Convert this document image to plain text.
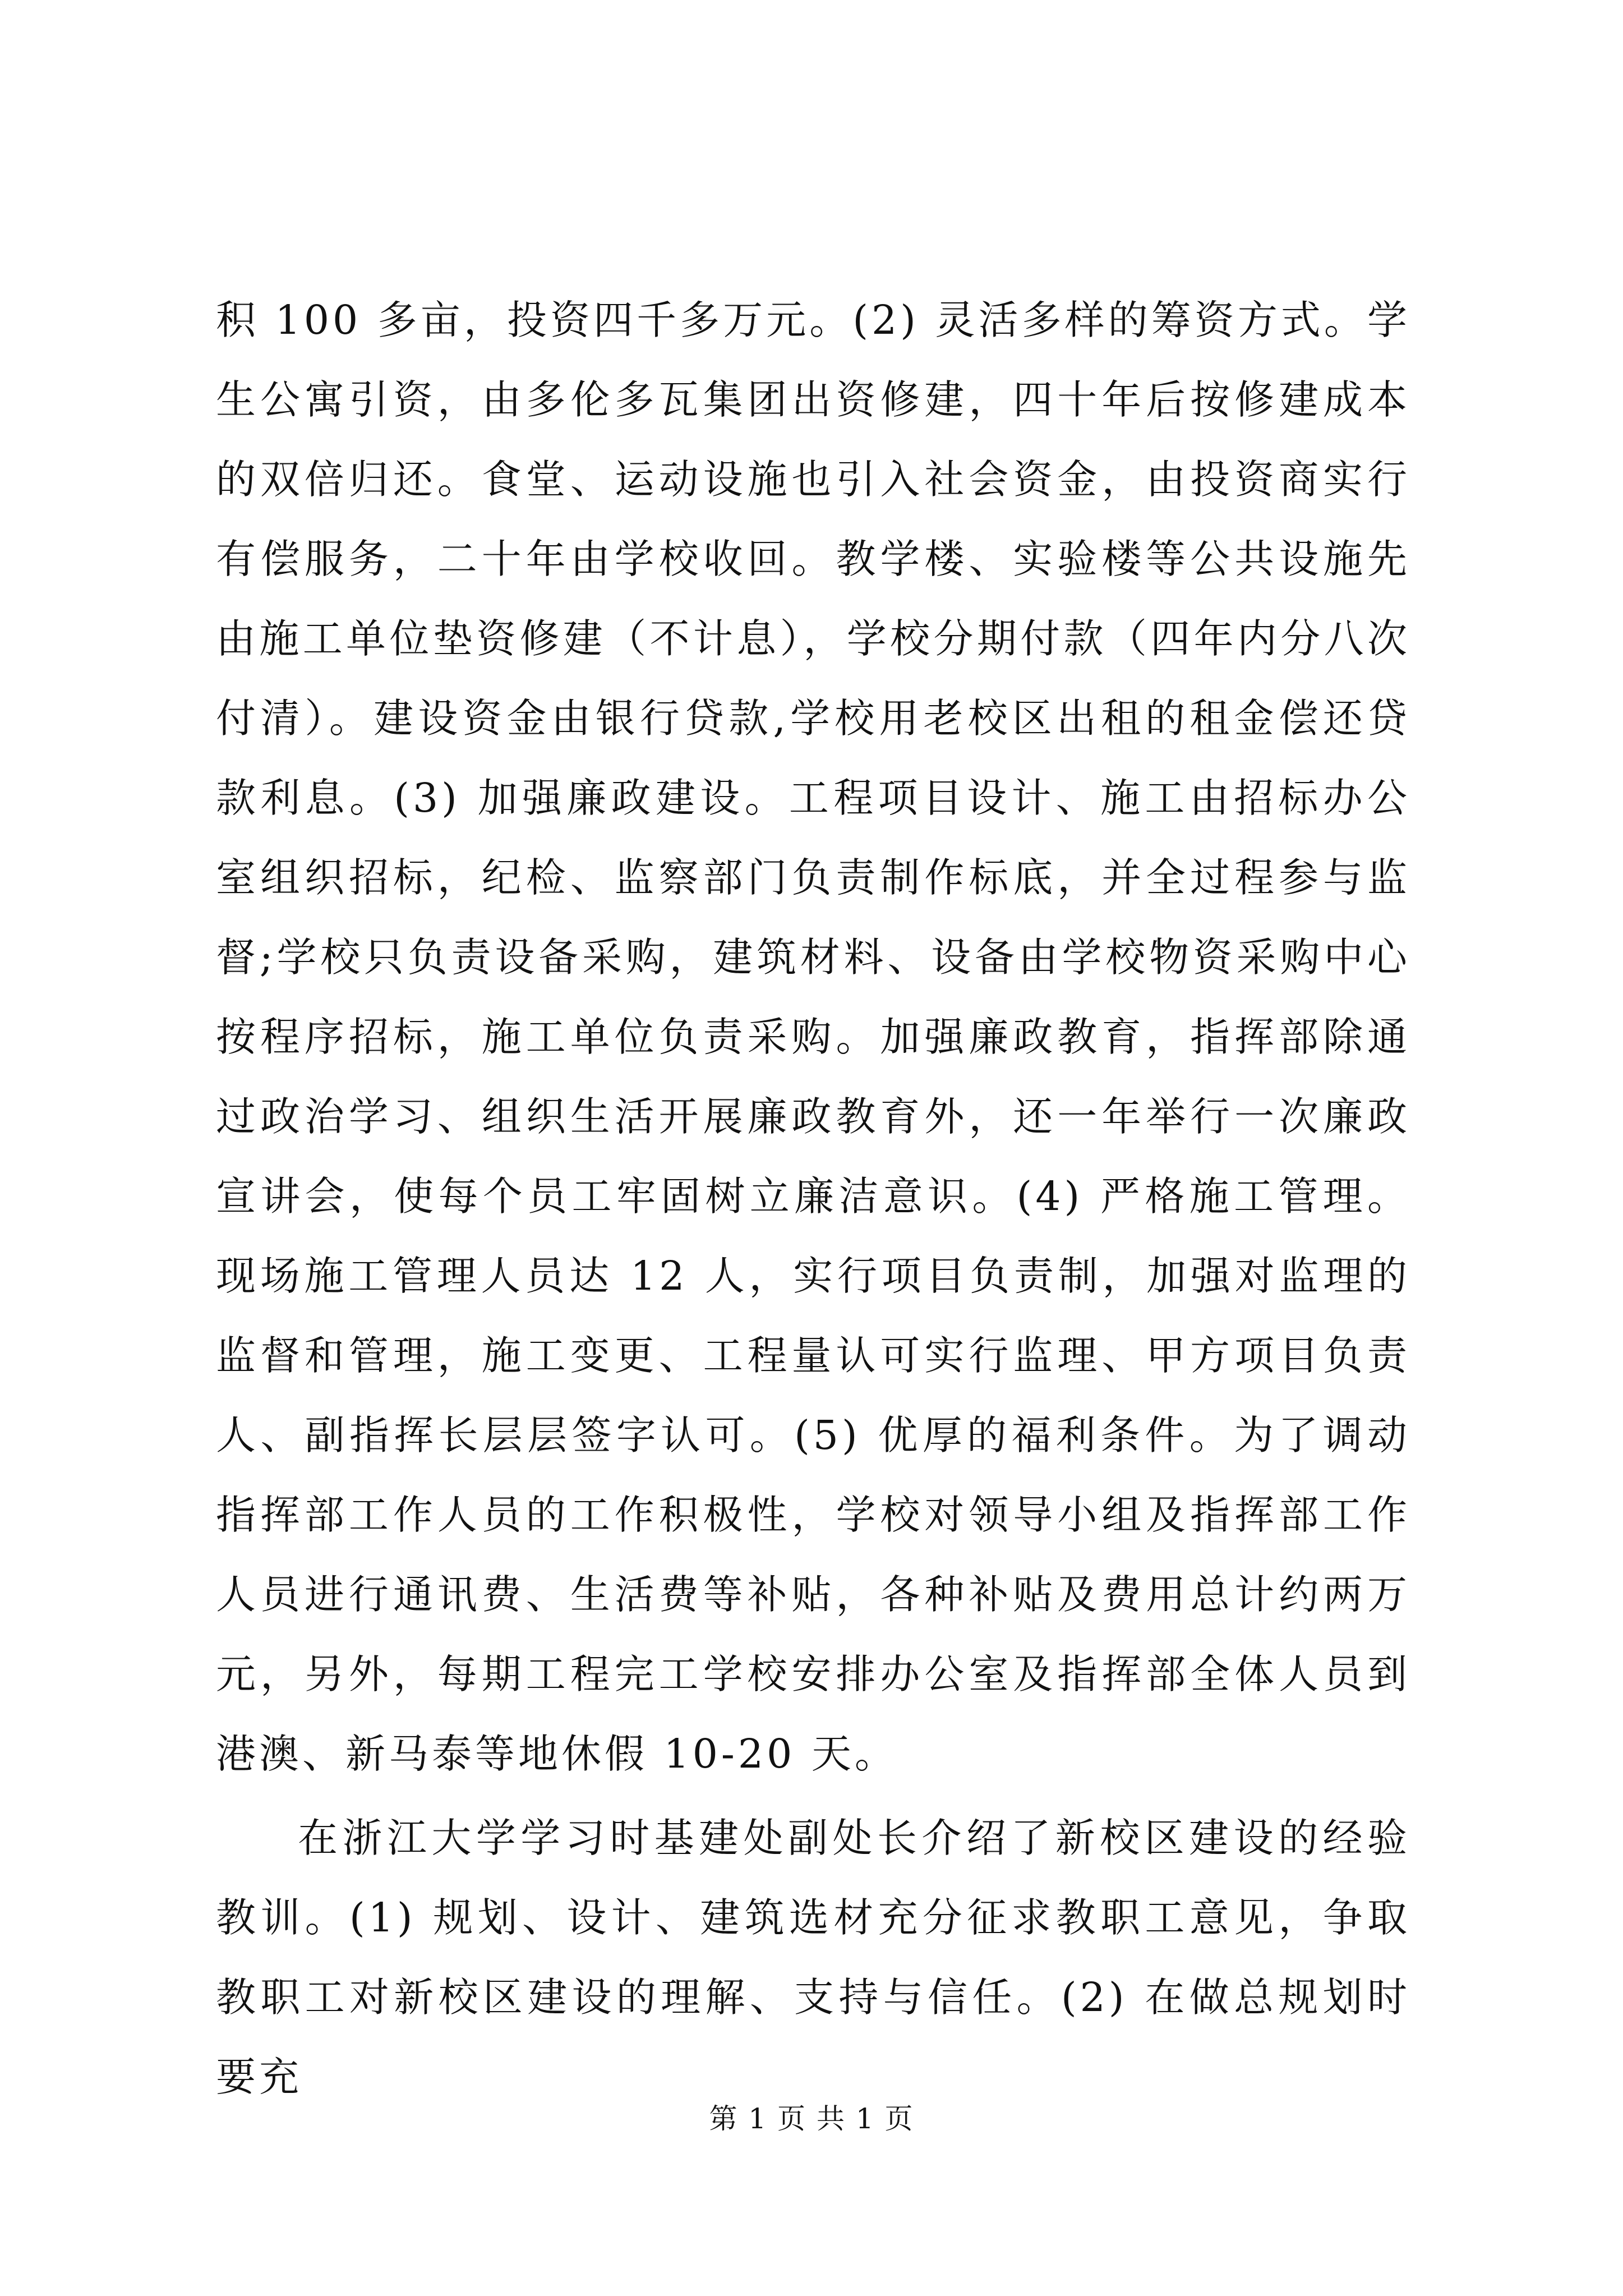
积 100 多亩，投资四千多万元。(2) 灵活多样的筹资方式。学生公寓引资，由多伦多瓦集团出资修建，四十年后按修建成本的双倍归还。食堂、运动设施也引入社会资金，由投资商实行有偿服务，二十年由学校收回。教学楼、实验楼等公共设施先由施工单位垫资修建（不计息），学校分期付款（四年内分八次付清）。建设资金由银行贷款,学校用老校区出租的租金偿还贷款利息。(3) 加强廉政建设。工程项目设计、施工由招标办公室组织招标，纪检、监察部门负责制作标底，并全过程参与监督;学校只负责设备采购，建筑材料、设备由学校物资采购中心按程序招标，施工单位负责采购。加强廉政教育，指挥部除通过政治学习、组织生活开展廉政教育外，还一年举行一次廉政宣讲会，使每个员工牢固树立廉洁意识。(4) 严格施工管理。现场施工管理人员达 12 人，实行项目负责制，加强对监理的监督和管理，施工变更、工程量认可实行监理、甲方项目负责人、副指挥长层层签字认可。(5) 优厚的福利条件。为了调动指挥部工作人员的工作积极性，学校对领导小组及指挥部工作人员进行通讯费、生活费等补贴，各种补贴及费用总计约两万元，另外，每期工程完工学校安排办公室及指挥部全体人员到港澳、新马泰等地休假 10-20 天。

在浙江大学学习时基建处副处长介绍了新校区建设的经验教训。(1) 规划、设计、建筑选材充分征求教职工意见，争取教职工对新校区建设的理解、支持与信任。(2) 在做总规划时要充

第 1 页 共 1 页
